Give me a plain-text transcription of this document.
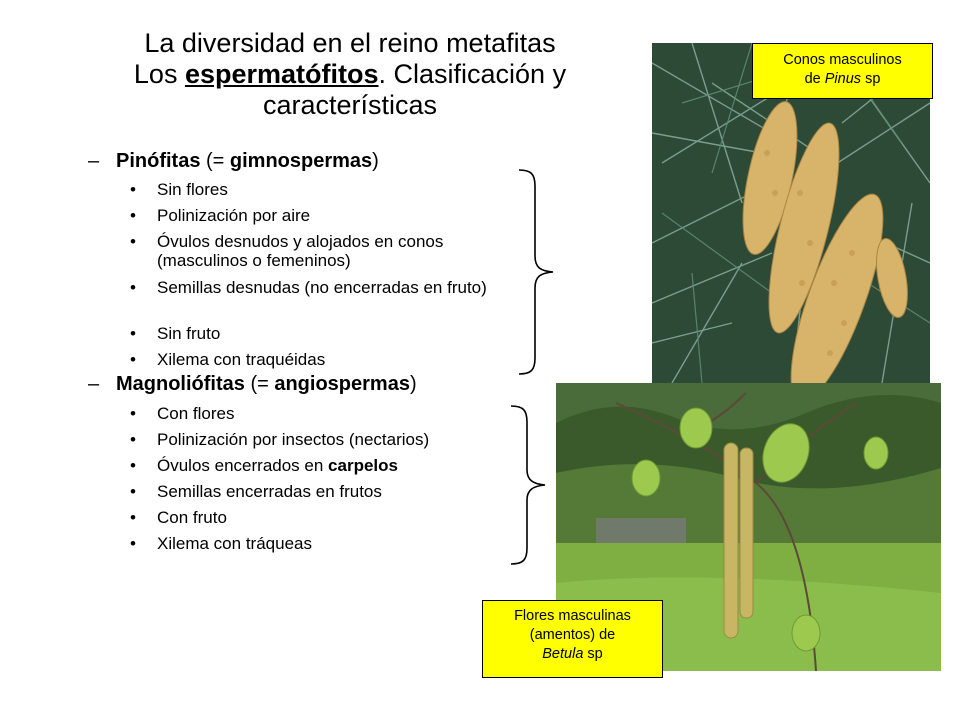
La diversidad en el reino metafitas
Los espermatófitos. Clasificación y
características
– Pinófitas (= gimnospermas)
• Sin flores
• Polinización por aire
• Óvulos desnudos y alojados en conos (masculinos o femeninos)
• Semillas desnudas (no encerradas en fruto)
• Sin fruto
• Xilema con traquéidas
– Magnoliófitas (= angiospermas)
• Con flores
• Polinización por insectos (nectarios)
• Óvulos encerrados en carpelos
• Semillas encerradas en frutos
• Con fruto
• Xilema con tráqueas
Conos masculinos
de Pinus sp
Flores masculinas
(amentos) de
Betula sp
